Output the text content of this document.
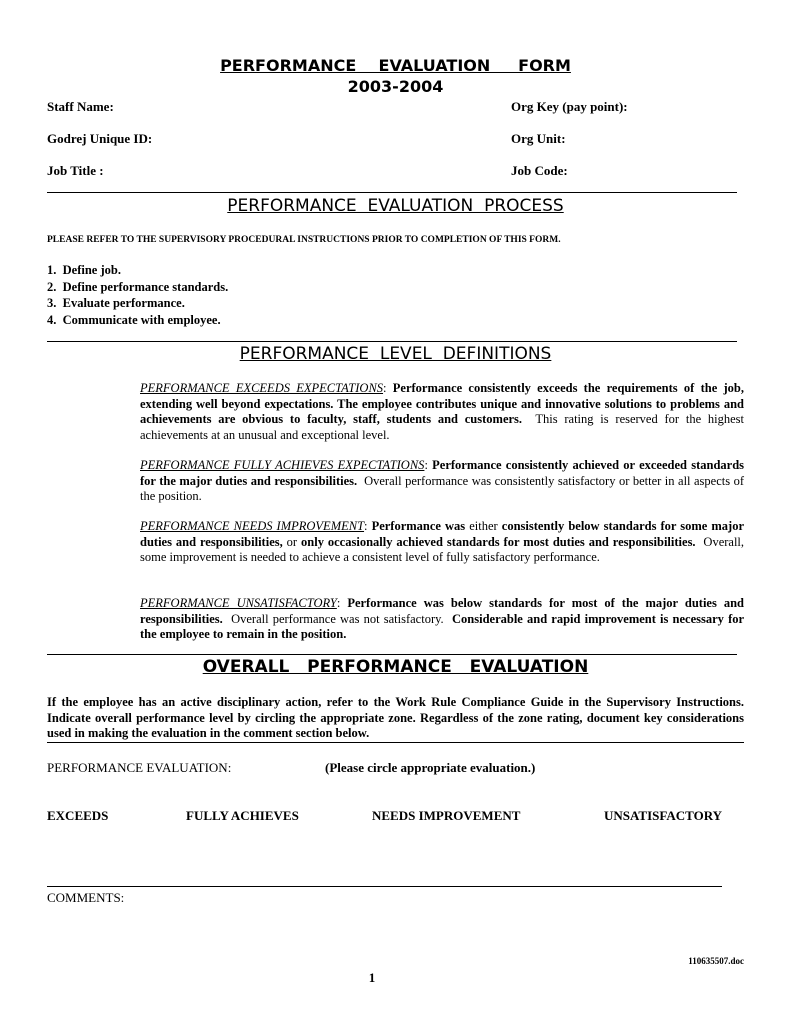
PERFORMANCE    EVALUATION     FORM
2003-2004
Staff Name:	Org Key (pay point):
Godrej Unique ID:	Org Unit:
Job Title :	Job Code:
PERFORMANCE  EVALUATION  PROCESS
PLEASE REFER TO THE SUPERVISORY PROCEDURAL INSTRUCTIONS PRIOR TO COMPLETION OF THIS FORM.
1.  Define job.
2.  Define performance standards.
3.  Evaluate performance.
4.  Communicate with employee.
PERFORMANCE  LEVEL  DEFINITIONS
PERFORMANCE EXCEEDS EXPECTATIONS: Performance consistently exceeds the requirements of the job, extending well beyond expectations. The employee contributes unique and innovative solutions to problems and achievements are obvious to faculty, staff, students and customers. This rating is reserved for the highest achievements at an unusual and exceptional level.
PERFORMANCE FULLY ACHIEVES EXPECTATIONS: Performance consistently achieved or exceeded standards for the major duties and responsibilities. Overall performance was consistently satisfactory or better in all aspects of the position.
PERFORMANCE NEEDS IMPROVEMENT: Performance was either consistently below standards for some major duties and responsibilities, or only occasionally achieved standards for most duties and responsibilities. Overall, some improvement is needed to achieve a consistent level of fully satisfactory performance.
PERFORMANCE UNSATISFACTORY: Performance was below standards for most of the major duties and responsibilities. Overall performance was not satisfactory. Considerable and rapid improvement is necessary for the employee to remain in the position.
OVERALL   PERFORMANCE   EVALUATION
If the employee has an active disciplinary action, refer to the Work Rule Compliance Guide in the Supervisory Instructions. Indicate overall performance level by circling the appropriate zone. Regardless of the zone rating, document key considerations used in making the evaluation in the comment section below.
PERFORMANCE EVALUATION:	(Please circle appropriate evaluation.)
EXCEEDS	FULLY ACHIEVES	NEEDS IMPROVEMENT	UNSATISFACTORY
COMMENTS:
110635507.doc
1
